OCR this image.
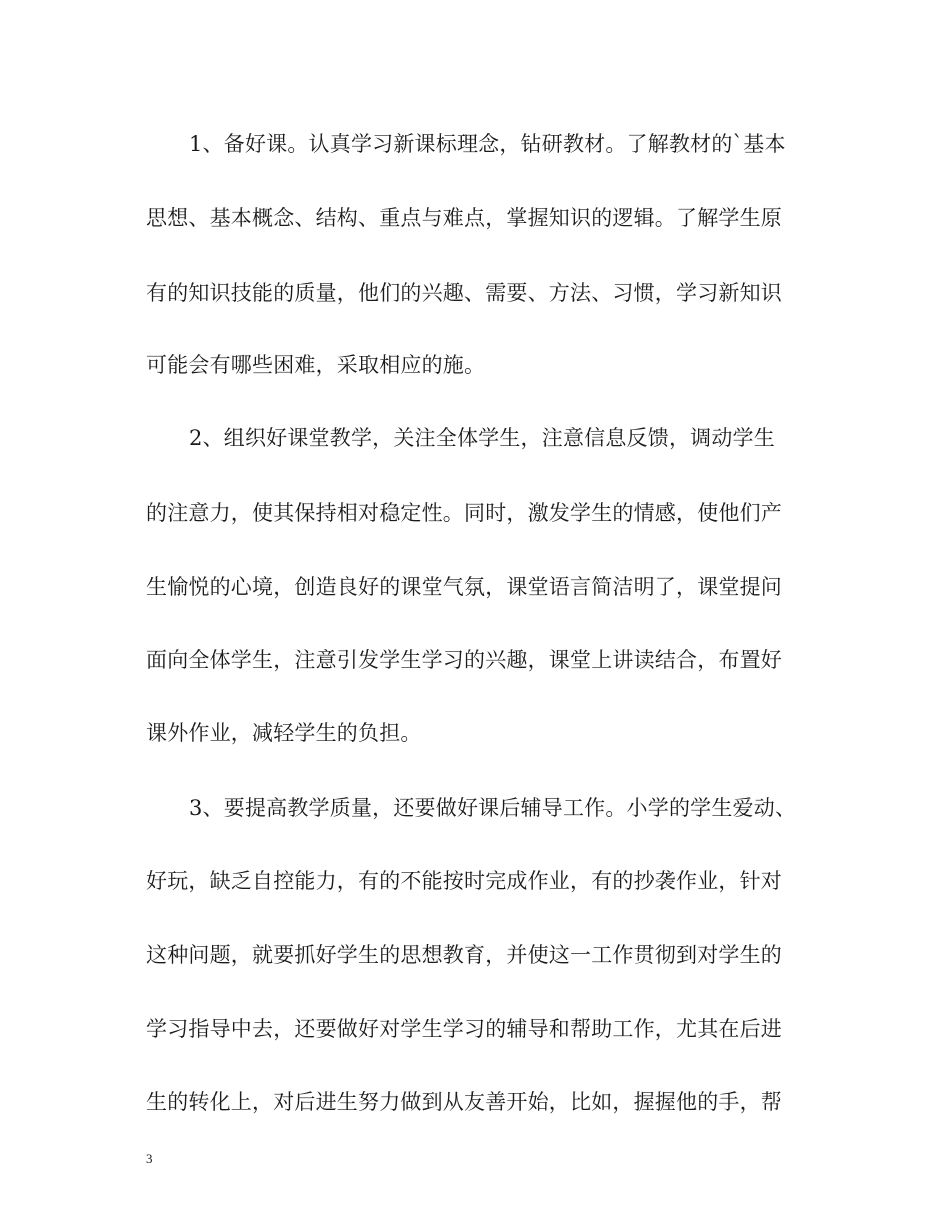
1、备好课。认真学习新课标理念，钻研教材。了解教材的`基本
思想、基本概念、结构、重点与难点，掌握知识的逻辑。了解学生原
有的知识技能的质量，他们的兴趣、需要、方法、习惯，学习新知识
可能会有哪些困难，采取相应的施。
2、组织好课堂教学，关注全体学生，注意信息反馈，调动学生
的注意力，使其保持相对稳定性。同时，激发学生的情感，使他们产
生愉悦的心境，创造良好的课堂气氛，课堂语言简洁明了，课堂提问
面向全体学生，注意引发学生学习的兴趣，课堂上讲读结合，布置好
课外作业，减轻学生的负担。
3、要提高教学质量，还要做好课后辅导工作。小学的学生爱动、
好玩，缺乏自控能力，有的不能按时完成作业，有的抄袭作业，针对
这种问题，就要抓好学生的思想教育，并使这一工作贯彻到对学生的
学习指导中去，还要做好对学生学习的辅导和帮助工作，尤其在后进
生的转化上，对后进生努力做到从友善开始，比如，握握他的手，帮
3
